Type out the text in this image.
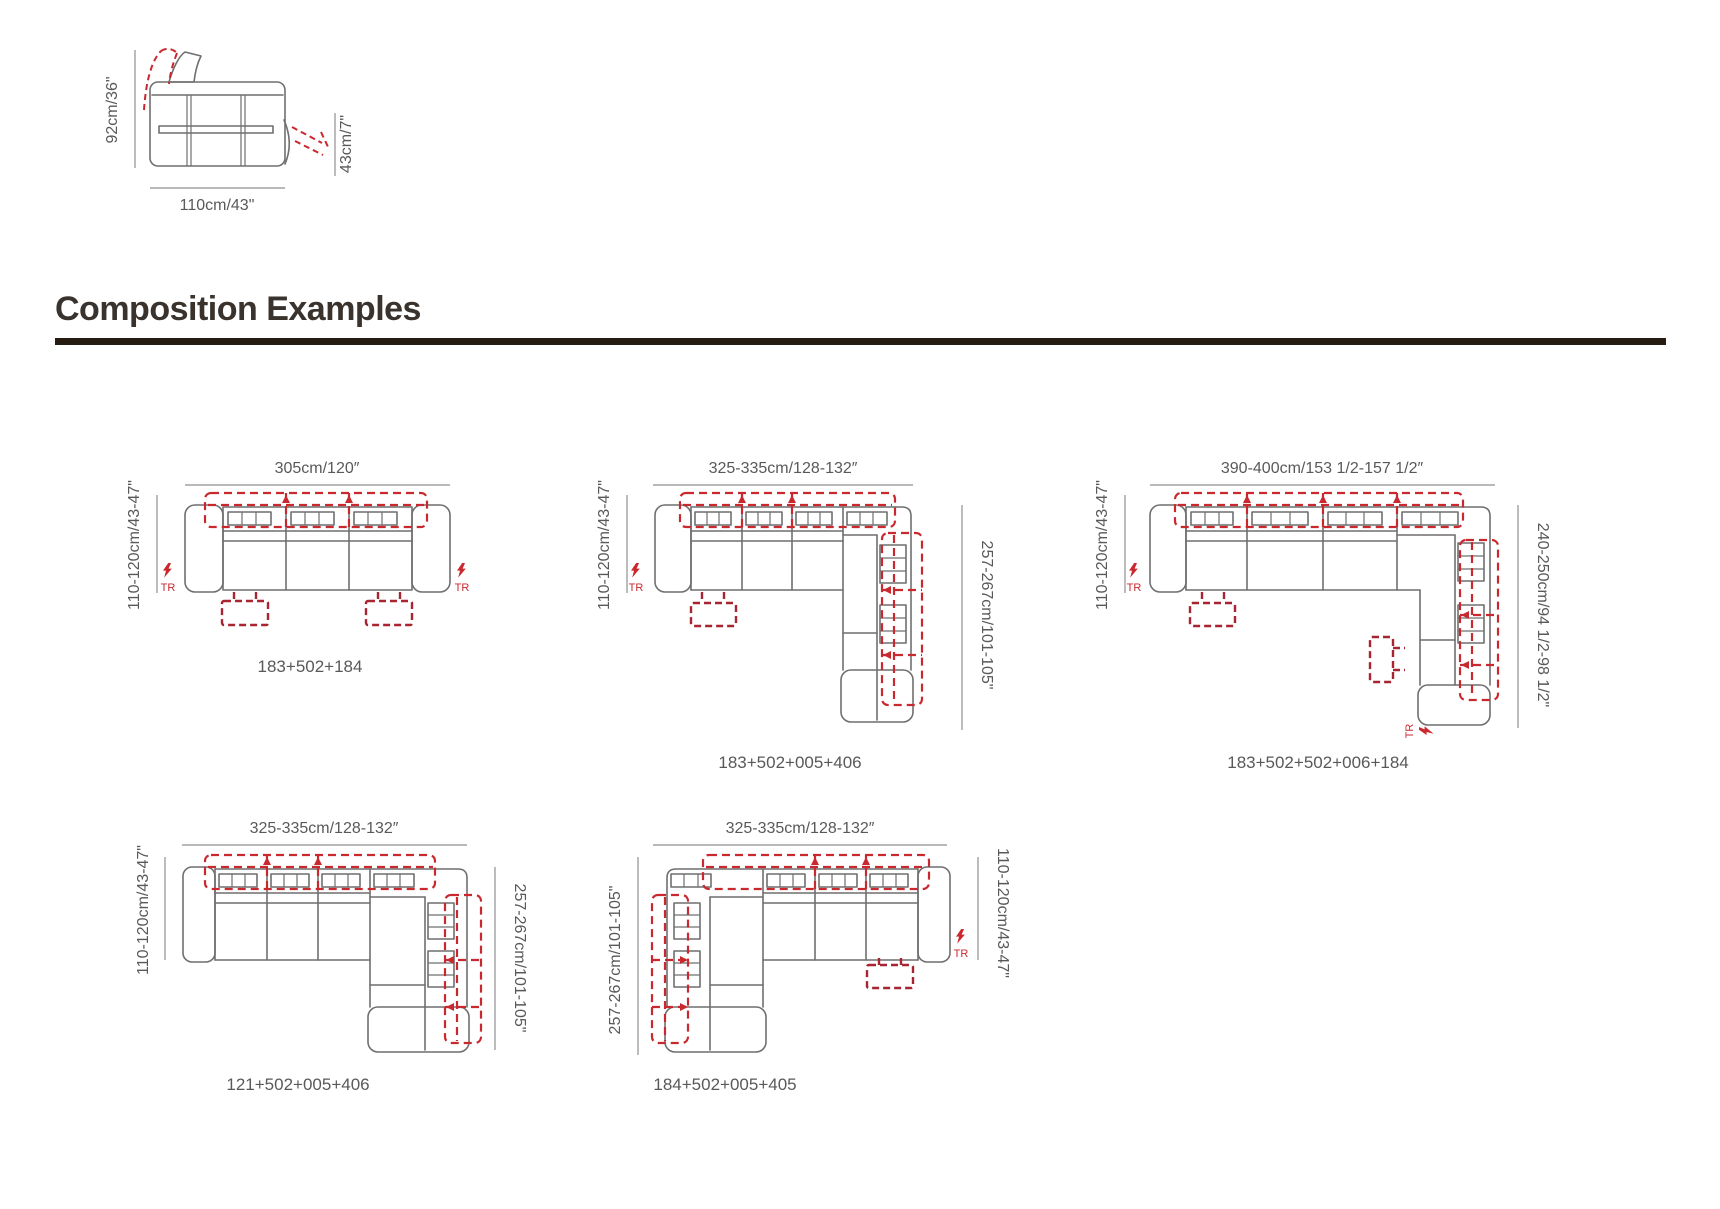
92cm/36"
110cm/43"
43cm/7"
Composition Examples
305cm/120″
110-120cm/43-47" TR	TR
183+502+184
325-335cm/128-132″
110-120cm/43-47"	257-267cm/101-105"
TR
183+502+005+406
390-400cm/153 1/2-157 1/2″
110-120cm/43-47"	240-250cm/94 1/2-98 1/2"
TR
TR
183+502+502+006+184
325-335cm/128-132″
110-120cm/43-47"	257-267cm/101-105"
121+502+005+406
325-335cm/128-132″
257-267cm/101-105"	110-120cm/43-47"
TR
184+502+005+405
